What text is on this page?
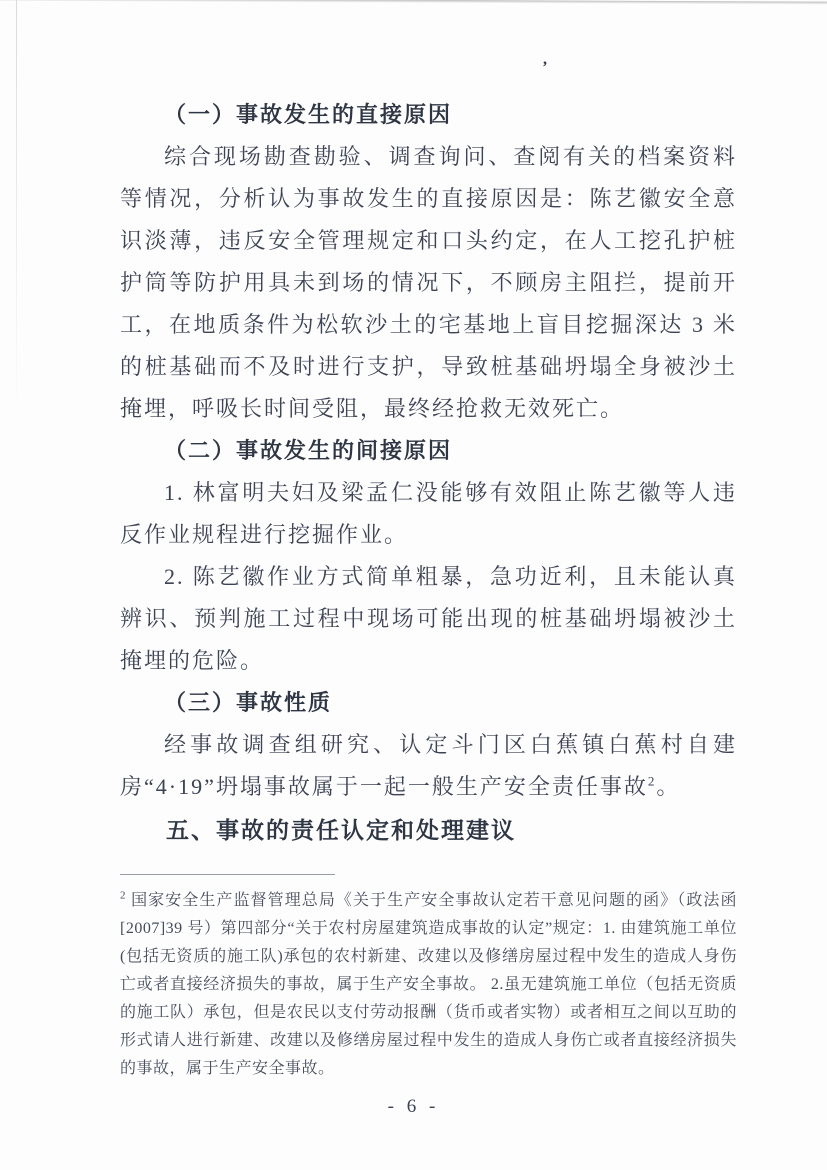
,
（一）事故发生的直接原因

综合现场勘查勘验、调查询问、查阅有关的档案资料等情况，分析认为事故发生的直接原因是：陈艺徽安全意识淡薄，违反安全管理规定和口头约定，在人工挖孔护桩护筒等防护用具未到场的情况下，不顾房主阻拦，提前开工，在地质条件为松软沙土的宅基地上盲目挖掘深达 3 米的桩基础而不及时进行支护，导致桩基础坍塌全身被沙土掩埋，呼吸长时间受阻，最终经抢救无效死亡。

（二）事故发生的间接原因

1. 林富明夫妇及梁孟仁没能够有效阻止陈艺徽等人违反作业规程进行挖掘作业。

2. 陈艺徽作业方式简单粗暴，急功近利，且未能认真辨识、预判施工过程中现场可能出现的桩基础坍塌被沙土掩埋的危险。

（三）事故性质

经事故调查组研究、认定斗门区白蕉镇白蕉村自建房“4·19”坍塌事故属于一起一般生产安全责任事故$^2$。

五、事故的责任认定和处理建议

$^2$ 国家安全生产监督管理总局《关于生产安全事故认定若干意见问题的函》（政法函[2007]39 号）第四部分“关于农村房屋建筑造成事故的认定”规定：1. 由建筑施工单位(包括无资质的施工队)承包的农村新建、改建以及修缮房屋过程中发生的造成人身伤亡或者直接经济损失的事故，属于生产安全事故。 2.虽无建筑施工单位（包括无资质的施工队）承包，但是农民以支付劳动报酬（货币或者实物）或者相互之间以互助的形式请人进行新建、改建以及修缮房屋过程中发生的造成人身伤亡或者直接经济损失的事故，属于生产安全事故。

- 6 -
